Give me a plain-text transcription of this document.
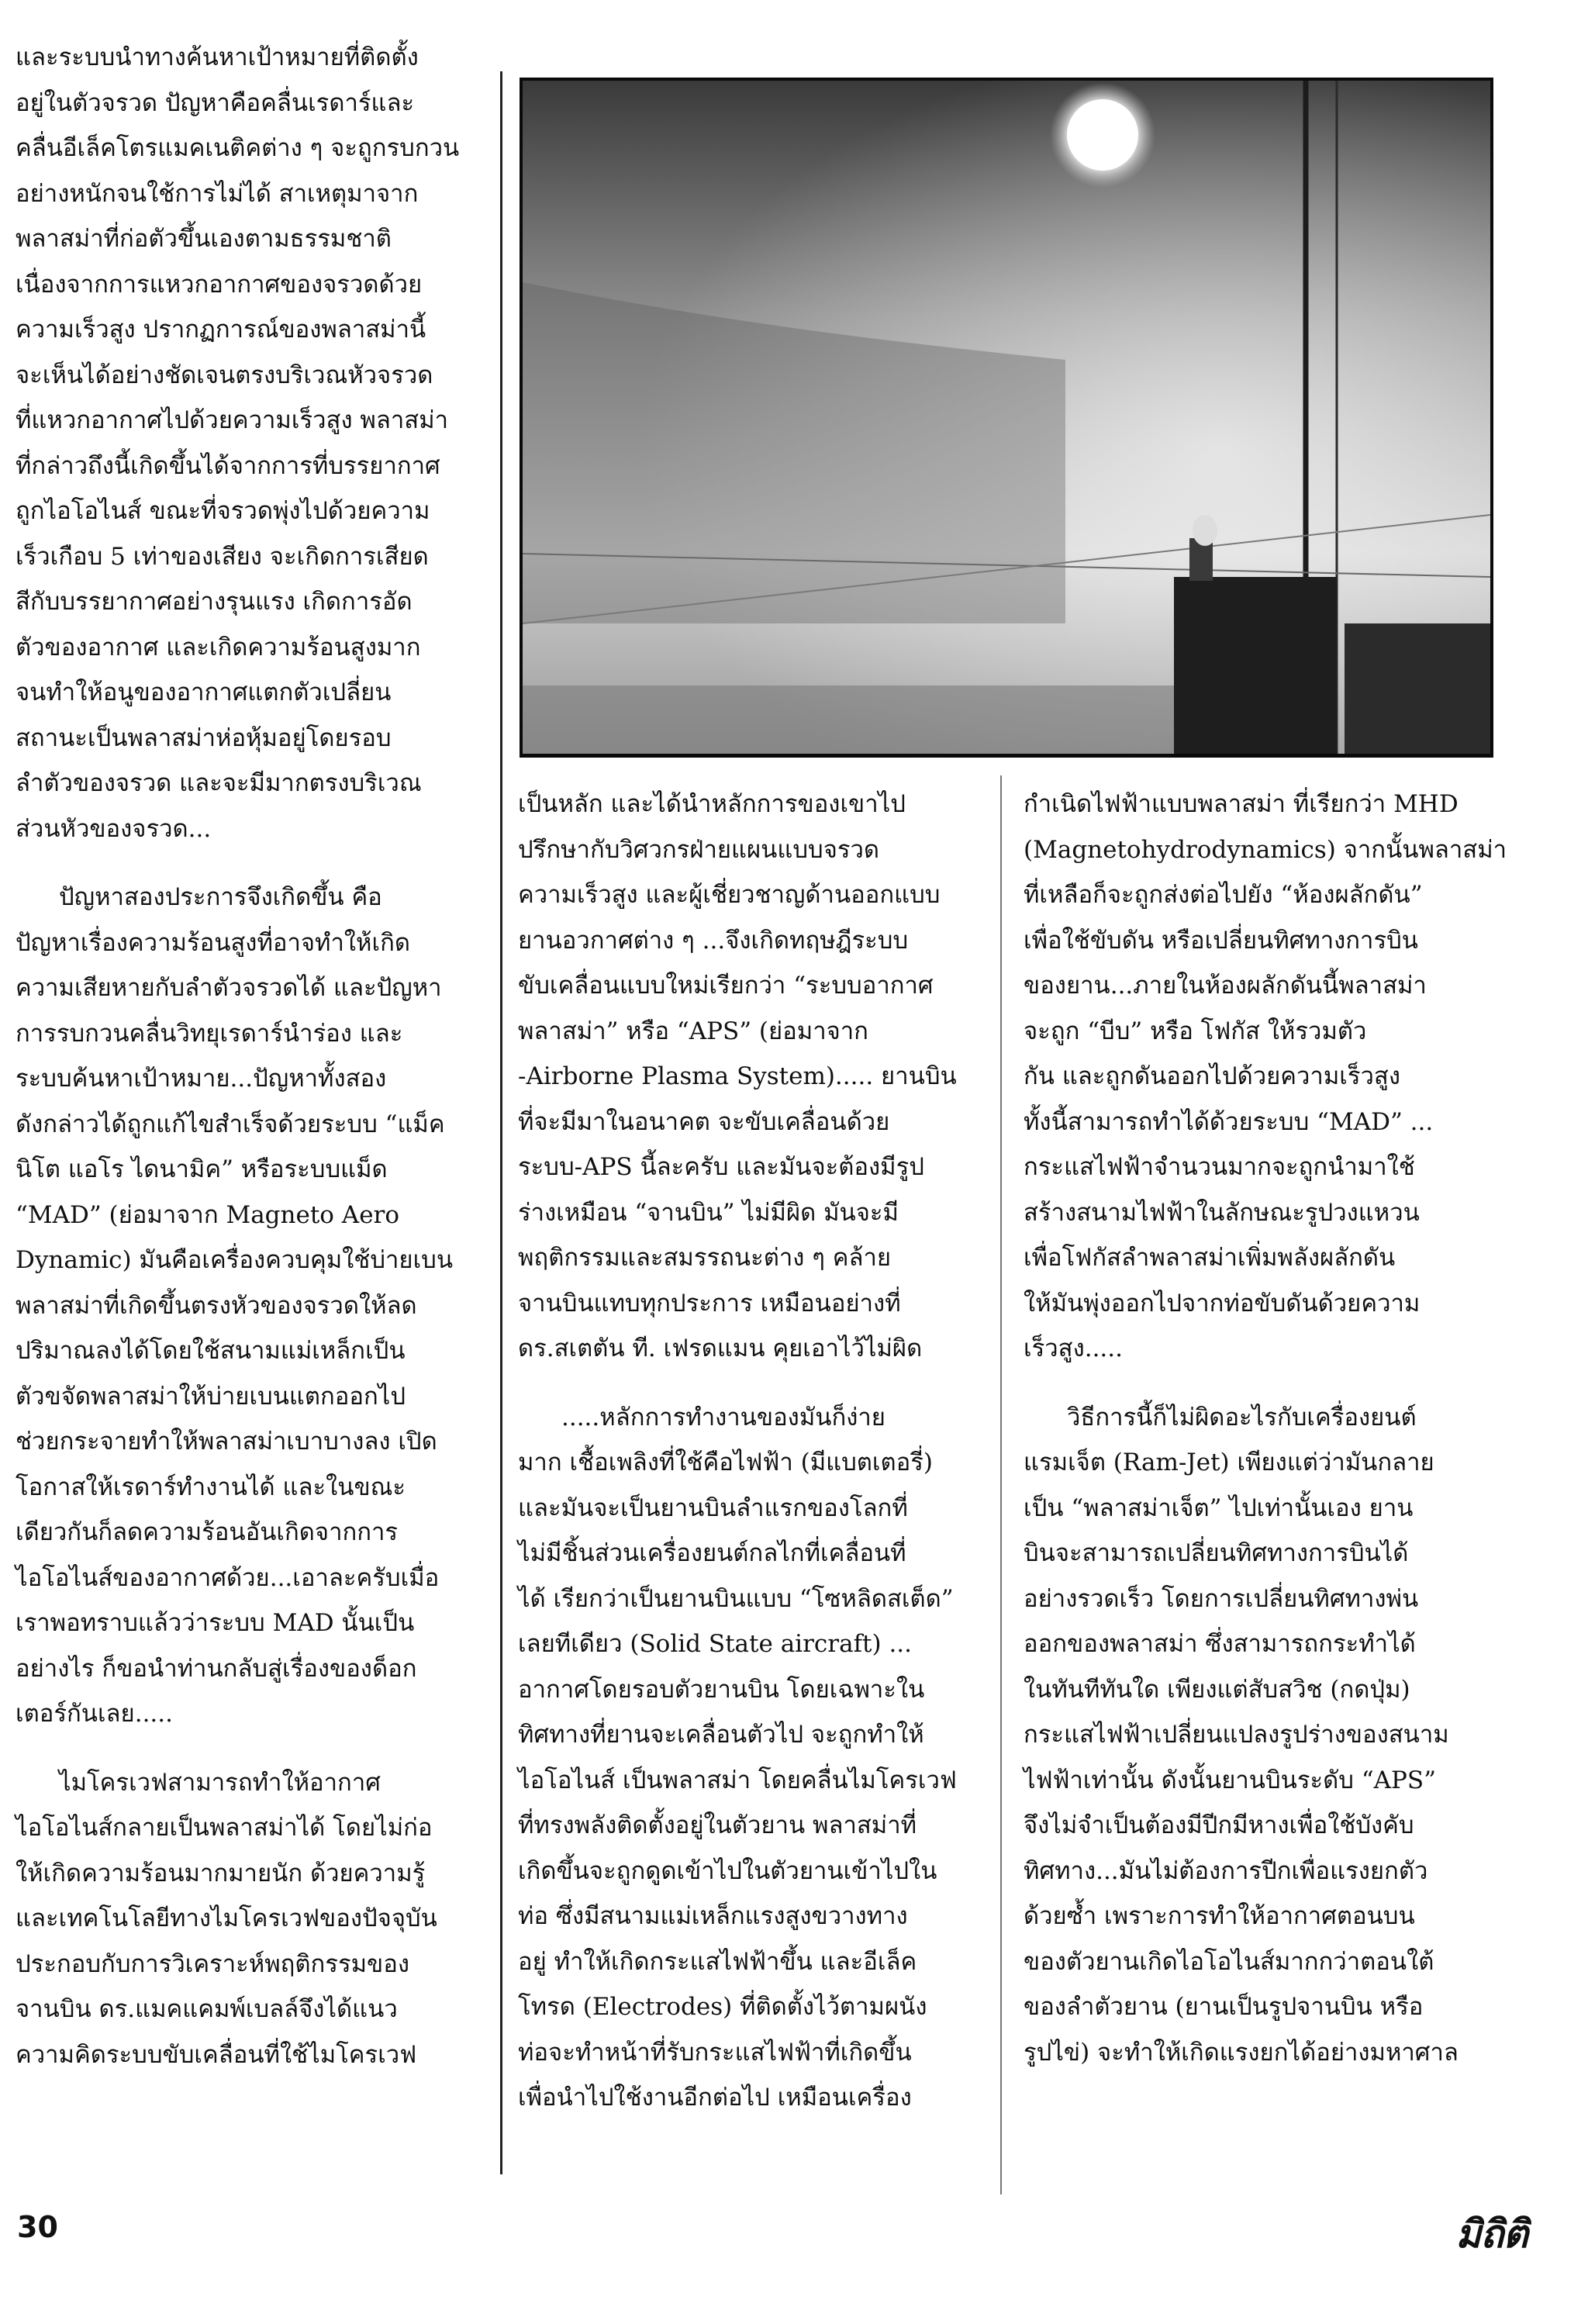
และระบบนำทางค้นหาเป้าหมายที่ติดตั้ง

อยู่ในตัวจรวด ปัญหาคือคลื่นเรดาร์และ

คลื่นอีเล็คโตรแมคเนติคต่าง ๆ จะถูกรบกวน

อย่างหนักจนใช้การไม่ได้ สาเหตุมาจาก

พลาสม่าที่ก่อตัวขึ้นเองตามธรรมชาติ

เนื่องจากการแหวกอากาศของจรวดด้วย

ความเร็วสูง ปรากฏการณ์ของพลาสม่านี้

จะเห็นได้อย่างชัดเจนตรงบริเวณหัวจรวด

ที่แหวกอากาศไปด้วยความเร็วสูง พลาสม่า

ที่กล่าวถึงนี้เกิดขึ้นได้จากการที่บรรยากาศ

ถูกไอโอไนส์ ขณะที่จรวดพุ่งไปด้วยความ

เร็วเกือบ 5 เท่าของเสียง จะเกิดการเสียด

สีกับบรรยากาศอย่างรุนแรง เกิดการอัด

ตัวของอากาศ และเกิดความร้อนสูงมาก

จนทำให้อนูของอากาศแตกตัวเปลี่ยน

สถานะเป็นพลาสม่าห่อหุ้มอยู่โดยรอบ

ลำตัวของจรวด และจะมีมากตรงบริเวณ

ส่วนหัวของจรวด...

ปัญหาสองประการจึงเกิดขึ้น คือ

ปัญหาเรื่องความร้อนสูงที่อาจทำให้เกิด

ความเสียหายกับลำตัวจรวดได้ และปัญหา

การรบกวนคลื่นวิทยุเรดาร์นำร่อง และ

ระบบค้นหาเป้าหมาย...ปัญหาทั้งสอง

ดังกล่าวได้ถูกแก้ไขสำเร็จด้วยระบบ “แม็ค

นิโต แอโร ไดนามิค” หรือระบบแม็ด

“MAD” (ย่อมาจาก Magneto Aero

Dynamic) มันคือเครื่องควบคุมใช้บ่ายเบน

พลาสม่าที่เกิดขึ้นตรงหัวของจรวดให้ลด

ปริมาณลงได้โดยใช้สนามแม่เหล็กเป็น

ตัวขจัดพลาสม่าให้บ่ายเบนแตกออกไป

ช่วยกระจายทำให้พลาสม่าเบาบางลง เปิด

โอกาสให้เรดาร์ทำงานได้ และในขณะ

เดียวกันก็ลดความร้อนอันเกิดจากการ

ไอโอไนส์ของอากาศด้วย...เอาละครับเมื่อ

เราพอทราบแล้วว่าระบบ MAD นั้นเป็น

อย่างไร ก็ขอนำท่านกลับสู่เรื่องของด็อก

เตอร์กันเลย.....

ไมโครเวฟสามารถทำให้อากาศ

ไอโอไนส์กลายเป็นพลาสม่าได้ โดยไม่ก่อ

ให้เกิดความร้อนมากมายนัก ด้วยความรู้

และเทคโนโลยีทางไมโครเวฟของปัจจุบัน

ประกอบกับการวิเคราะห์พฤติกรรมของ

จานบิน ดร.แมคแคมพ์เบลล์จึงได้แนว

ความคิดระบบขับเคลื่อนที่ใช้ไมโครเวฟ

เป็นหลัก และได้นำหลักการของเขาไป

ปรึกษากับวิศวกรฝ่ายแผนแบบจรวด

ความเร็วสูง และผู้เชี่ยวชาญด้านออกแบบ

ยานอวกาศต่าง ๆ ...จึงเกิดทฤษฎีระบบ

ขับเคลื่อนแบบใหม่เรียกว่า “ระบบอากาศ

พลาสม่า” หรือ “APS” (ย่อมาจาก

-Airborne Plasma System)..... ยานบิน

ที่จะมีมาในอนาคต จะขับเคลื่อนด้วย

ระบบ-APS นี้ละครับ และมันจะต้องมีรูป

ร่างเหมือน “จานบิน” ไม่มีผิด มันจะมี

พฤติกรรมและสมรรถนะต่าง ๆ คล้าย

จานบินแทบทุกประการ เหมือนอย่างที่

ดร.สเตตัน ที. เฟรดแมน คุยเอาไว้ไม่ผิด

.....หลักการทำงานของมันก็ง่าย

มาก เชื้อเพลิงที่ใช้คือไฟฟ้า (มีแบตเตอรี่)

และมันจะเป็นยานบินลำแรกของโลกที่

ไม่มีชิ้นส่วนเครื่องยนต์กลไกที่เคลื่อนที่

ได้ เรียกว่าเป็นยานบินแบบ “โซหลิดสเต็ด”

เลยทีเดียว (Solid State aircraft) ...

อากาศโดยรอบตัวยานบิน โดยเฉพาะใน

ทิศทางที่ยานจะเคลื่อนตัวไป จะถูกทำให้

ไอโอไนส์ เป็นพลาสม่า โดยคลื่นไมโครเวฟ

ที่ทรงพลังติดตั้งอยู่ในตัวยาน พลาสม่าที่

เกิดขึ้นจะถูกดูดเข้าไปในตัวยานเข้าไปใน

ท่อ ซึ่งมีสนามแม่เหล็กแรงสูงขวางทาง

อยู่ ทำให้เกิดกระแสไฟฟ้าขึ้น และอีเล็ค

โทรด (Electrodes) ที่ติดตั้งไว้ตามผนัง

ท่อจะทำหน้าที่รับกระแสไฟฟ้าที่เกิดขึ้น

เพื่อนำไปใช้งานอีกต่อไป เหมือนเครื่อง

กำเนิดไฟฟ้าแบบพลาสม่า ที่เรียกว่า MHD

(Magnetohydrodynamics) จากนั้นพลาสม่า

ที่เหลือก็จะถูกส่งต่อไปยัง “ห้องผลักดัน”

เพื่อใช้ขับดัน หรือเปลี่ยนทิศทางการบิน

ของยาน...ภายในห้องผลักดันนี้พลาสม่า

จะถูก “บีบ” หรือ โฟกัส ให้รวมตัว

กัน และถูกดันออกไปด้วยความเร็วสูง

ทั้งนี้สามารถทำได้ด้วยระบบ “MAD” ...

กระแสไฟฟ้าจำนวนมากจะถูกนำมาใช้

สร้างสนามไฟฟ้าในลักษณะรูปวงแหวน

เพื่อโฟกัสลำพลาสม่าเพิ่มพลังผลักดัน

ให้มันพุ่งออกไปจากท่อขับดันด้วยความ

เร็วสูง.....

วิธีการนี้ก็ไม่ผิดอะไรกับเครื่องยนต์

แรมเจ็ต (Ram-Jet) เพียงแต่ว่ามันกลาย

เป็น “พลาสม่าเจ็ต” ไปเท่านั้นเอง ยาน

บินจะสามารถเปลี่ยนทิศทางการบินได้

อย่างรวดเร็ว โดยการเปลี่ยนทิศทางพ่น

ออกของพลาสม่า ซึ่งสามารถกระทำได้

ในทันทีทันใด เพียงแต่สับสวิช (กดปุ่ม)

กระแสไฟฟ้าเปลี่ยนแปลงรูปร่างของสนาม

ไฟฟ้าเท่านั้น ดังนั้นยานบินระดับ “APS”

จึงไม่จำเป็นต้องมีปีกมีหางเพื่อใช้บังคับ

ทิศทาง...มันไม่ต้องการปีกเพื่อแรงยกตัว

ด้วยซ้ำ เพราะการทำให้อากาศตอนบน

ของตัวยานเกิดไอโอไนส์มากกว่าตอนใต้

ของลำตัวยาน (ยานเป็นรูปจานบิน หรือ

รูปไข่) จะทำให้เกิดแรงยกได้อย่างมหาศาล

30	มิถิติ
